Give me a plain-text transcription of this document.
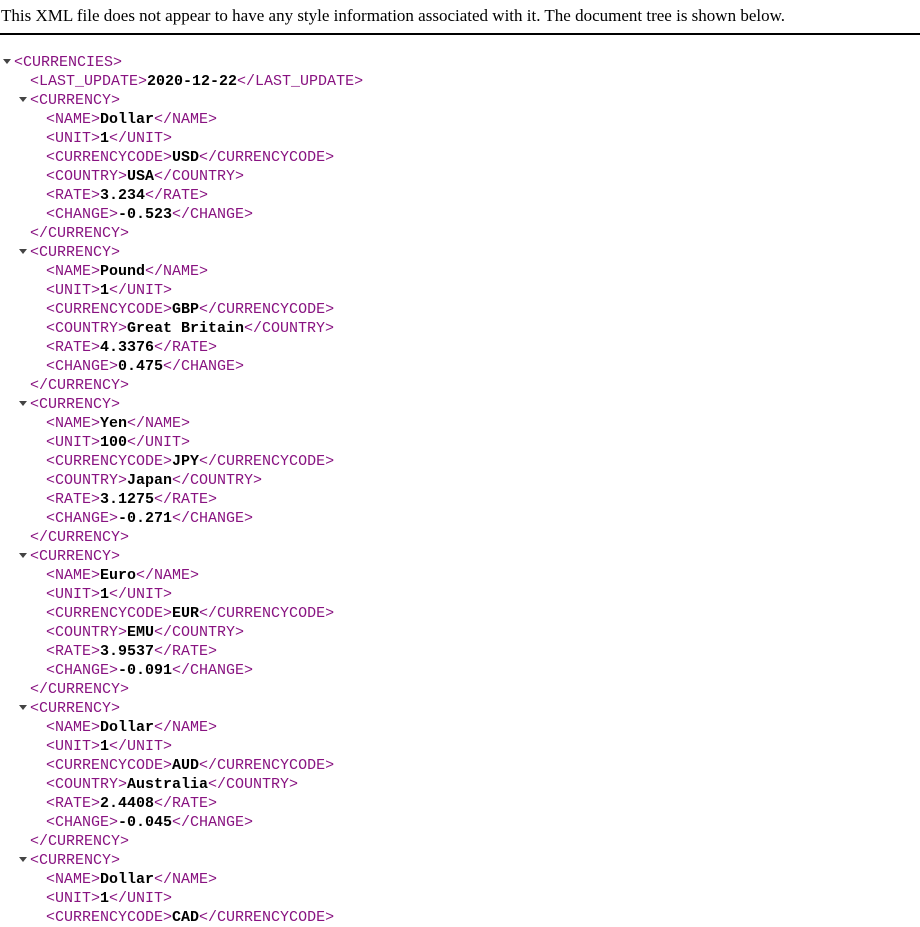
This XML file does not appear to have any style information associated with it. The document tree is shown below.
<CURRENCIES>
<LAST_UPDATE>2020-12-22</LAST_UPDATE>
<CURRENCY>
<NAME>Dollar</NAME>
<UNIT>1</UNIT>
<CURRENCYCODE>USD</CURRENCYCODE>
<COUNTRY>USA</COUNTRY>
<RATE>3.234</RATE>
<CHANGE>-0.523</CHANGE>
</CURRENCY>
<CURRENCY>
<NAME>Pound</NAME>
<UNIT>1</UNIT>
<CURRENCYCODE>GBP</CURRENCYCODE>
<COUNTRY>Great Britain</COUNTRY>
<RATE>4.3376</RATE>
<CHANGE>0.475</CHANGE>
</CURRENCY>
<CURRENCY>
<NAME>Yen</NAME>
<UNIT>100</UNIT>
<CURRENCYCODE>JPY</CURRENCYCODE>
<COUNTRY>Japan</COUNTRY>
<RATE>3.1275</RATE>
<CHANGE>-0.271</CHANGE>
</CURRENCY>
<CURRENCY>
<NAME>Euro</NAME>
<UNIT>1</UNIT>
<CURRENCYCODE>EUR</CURRENCYCODE>
<COUNTRY>EMU</COUNTRY>
<RATE>3.9537</RATE>
<CHANGE>-0.091</CHANGE>
</CURRENCY>
<CURRENCY>
<NAME>Dollar</NAME>
<UNIT>1</UNIT>
<CURRENCYCODE>AUD</CURRENCYCODE>
<COUNTRY>Australia</COUNTRY>
<RATE>2.4408</RATE>
<CHANGE>-0.045</CHANGE>
</CURRENCY>
<CURRENCY>
<NAME>Dollar</NAME>
<UNIT>1</UNIT>
<CURRENCYCODE>CAD</CURRENCYCODE>
